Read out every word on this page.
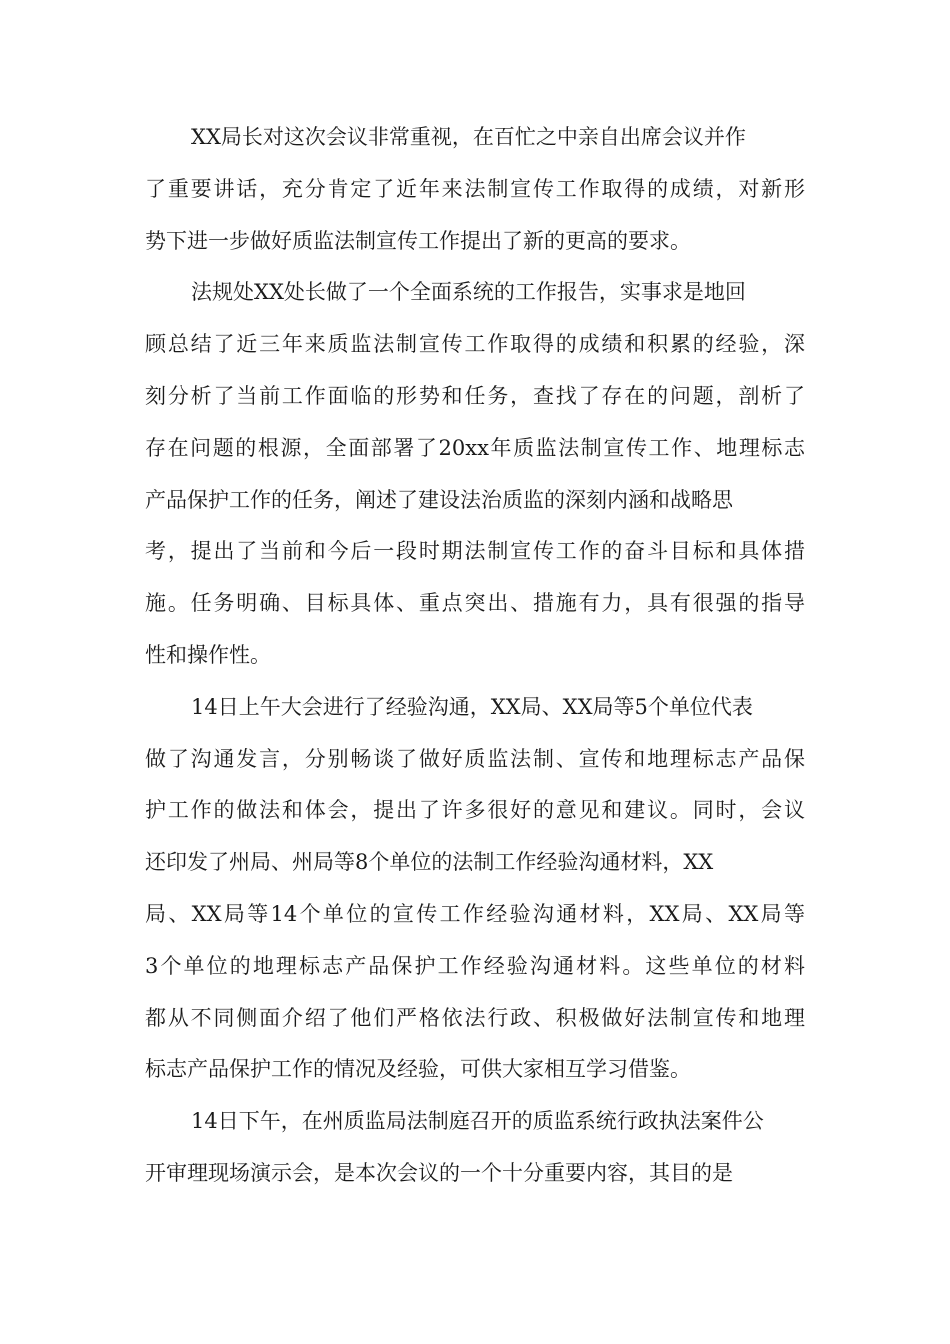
XX局长对这次会议非常重视，在百忙之中亲自出席会议并作
了重要讲话，充分肯定了近年来法制宣传工作取得的成绩，对新形
势下进一步做好质监法制宣传工作提出了新的更高的要求。
法规处XX处长做了一个全面系统的工作报告，实事求是地回
顾总结了近三年来质监法制宣传工作取得的成绩和积累的经验，深
刻分析了当前工作面临的形势和任务，查找了存在的问题，剖析了
存在问题的根源，全面部署了20xx年质监法制宣传工作、地理标志
产品保护工作的任务，阐述了建设法治质监的深刻内涵和战略思
考，提出了当前和今后一段时期法制宣传工作的奋斗目标和具体措
施。任务明确、目标具体、重点突出、措施有力，具有很强的指导
性和操作性。
14日上午大会进行了经验沟通，XX局、XX局等5个单位代表
做了沟通发言，分别畅谈了做好质监法制、宣传和地理标志产品保
护工作的做法和体会，提出了许多很好的意见和建议。同时，会议
还印发了州局、州局等8个单位的法制工作经验沟通材料，XX
局、XX局等14个单位的宣传工作经验沟通材料，XX局、XX局等
3个单位的地理标志产品保护工作经验沟通材料。这些单位的材料
都从不同侧面介绍了他们严格依法行政、积极做好法制宣传和地理
标志产品保护工作的情况及经验，可供大家相互学习借鉴。
14日下午，在州质监局法制庭召开的质监系统行政执法案件公
开审理现场演示会，是本次会议的一个十分重要内容，其目的是
